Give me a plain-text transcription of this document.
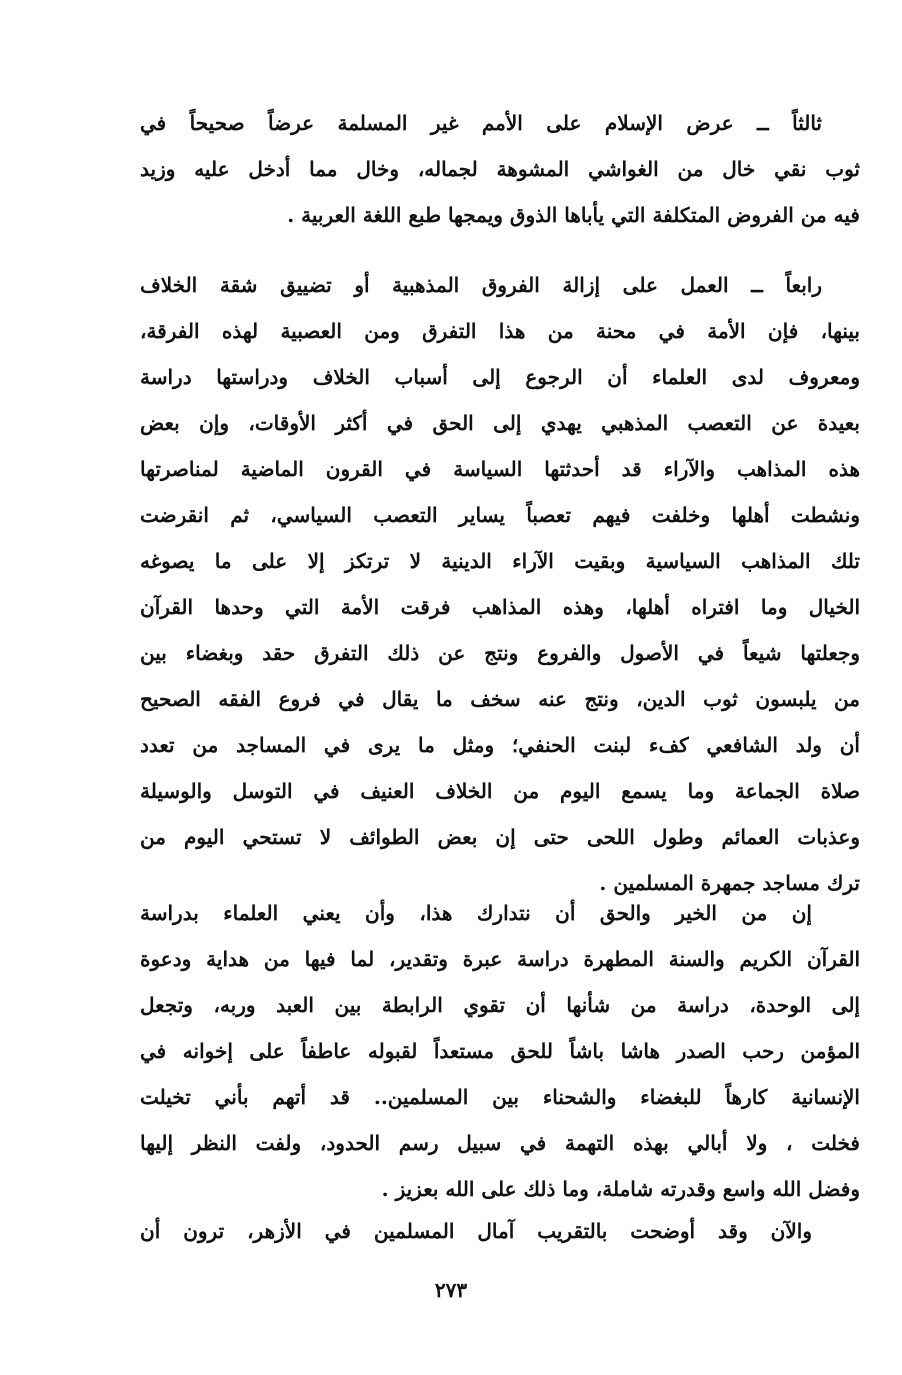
ثالثاً ــ عرض الإسلام على الأمم غير المسلمة عرضاً صحيحاً في
ثوب نقي خال من الغواشي المشوهة لجماله، وخال مما أدخل عليه وزيد
فيه من الفروض المتكلفة التي يأباها الذوق ويمجها طبع اللغة العربية .
رابعاً ــ العمل على إزالة الفروق المذهبية أو تضييق شقة الخلاف
بينها، فإن الأمة في محنة من هذا التفرق ومن العصبية لهذه الفرقة،
ومعروف لدى العلماء أن الرجوع إلى أسباب الخلاف ودراستها دراسة
بعيدة عن التعصب المذهبي يهدي إلى الحق في أكثر الأوقات، وإن بعض
هذه المذاهب والآراء قد أحدثتها السياسة في القرون الماضية لمناصرتها
ونشطت أهلها وخلفت فيهم تعصباً يساير التعصب السياسي، ثم انقرضت
تلك المذاهب السياسية وبقيت الآراء الدينية لا ترتكز إلا على ما يصوغه
الخيال وما افتراه أهلها، وهذه المذاهب فرقت الأمة التي وحدها القرآن
وجعلتها شيعاً في الأصول والفروع ونتج عن ذلك التفرق حقد وبغضاء بين
من يلبسون ثوب الدين، ونتج عنه سخف ما يقال في فروع الفقه الصحيح
أن ولد الشافعي كفء لبنت الحنفي؛ ومثل ما يرى في المساجد من تعدد
صلاة الجماعة وما يسمع اليوم من الخلاف العنيف في التوسل والوسيلة
وعذبات العمائم وطول اللحى حتى إن بعض الطوائف لا تستحي اليوم من
ترك مساجد جمهرة المسلمين .
إن من الخير والحق أن نتدارك هذا، وأن يعني العلماء بدراسة
القرآن الكريم والسنة المطهرة دراسة عبرة وتقدير، لما فيها من هداية ودعوة
إلى الوحدة، دراسة من شأنها أن تقوي الرابطة بين العبد وربه، وتجعل
المؤمن رحب الصدر هاشا باشاً للحق مستعداً لقبوله عاطفاً على إخوانه في
الإنسانية كارهاً للبغضاء والشحناء بين المسلمين.. قد أتهم بأني تخيلت
فخلت ، ولا أبالي بهذه التهمة في سبيل رسم الحدود، ولفت النظر إليها
وفضل الله واسع وقدرته شاملة، وما ذلك على الله بعزيز .
والآن وقد أوضحت بالتقريب آمال المسلمين في الأزهر، ترون أن
٢٧٣
